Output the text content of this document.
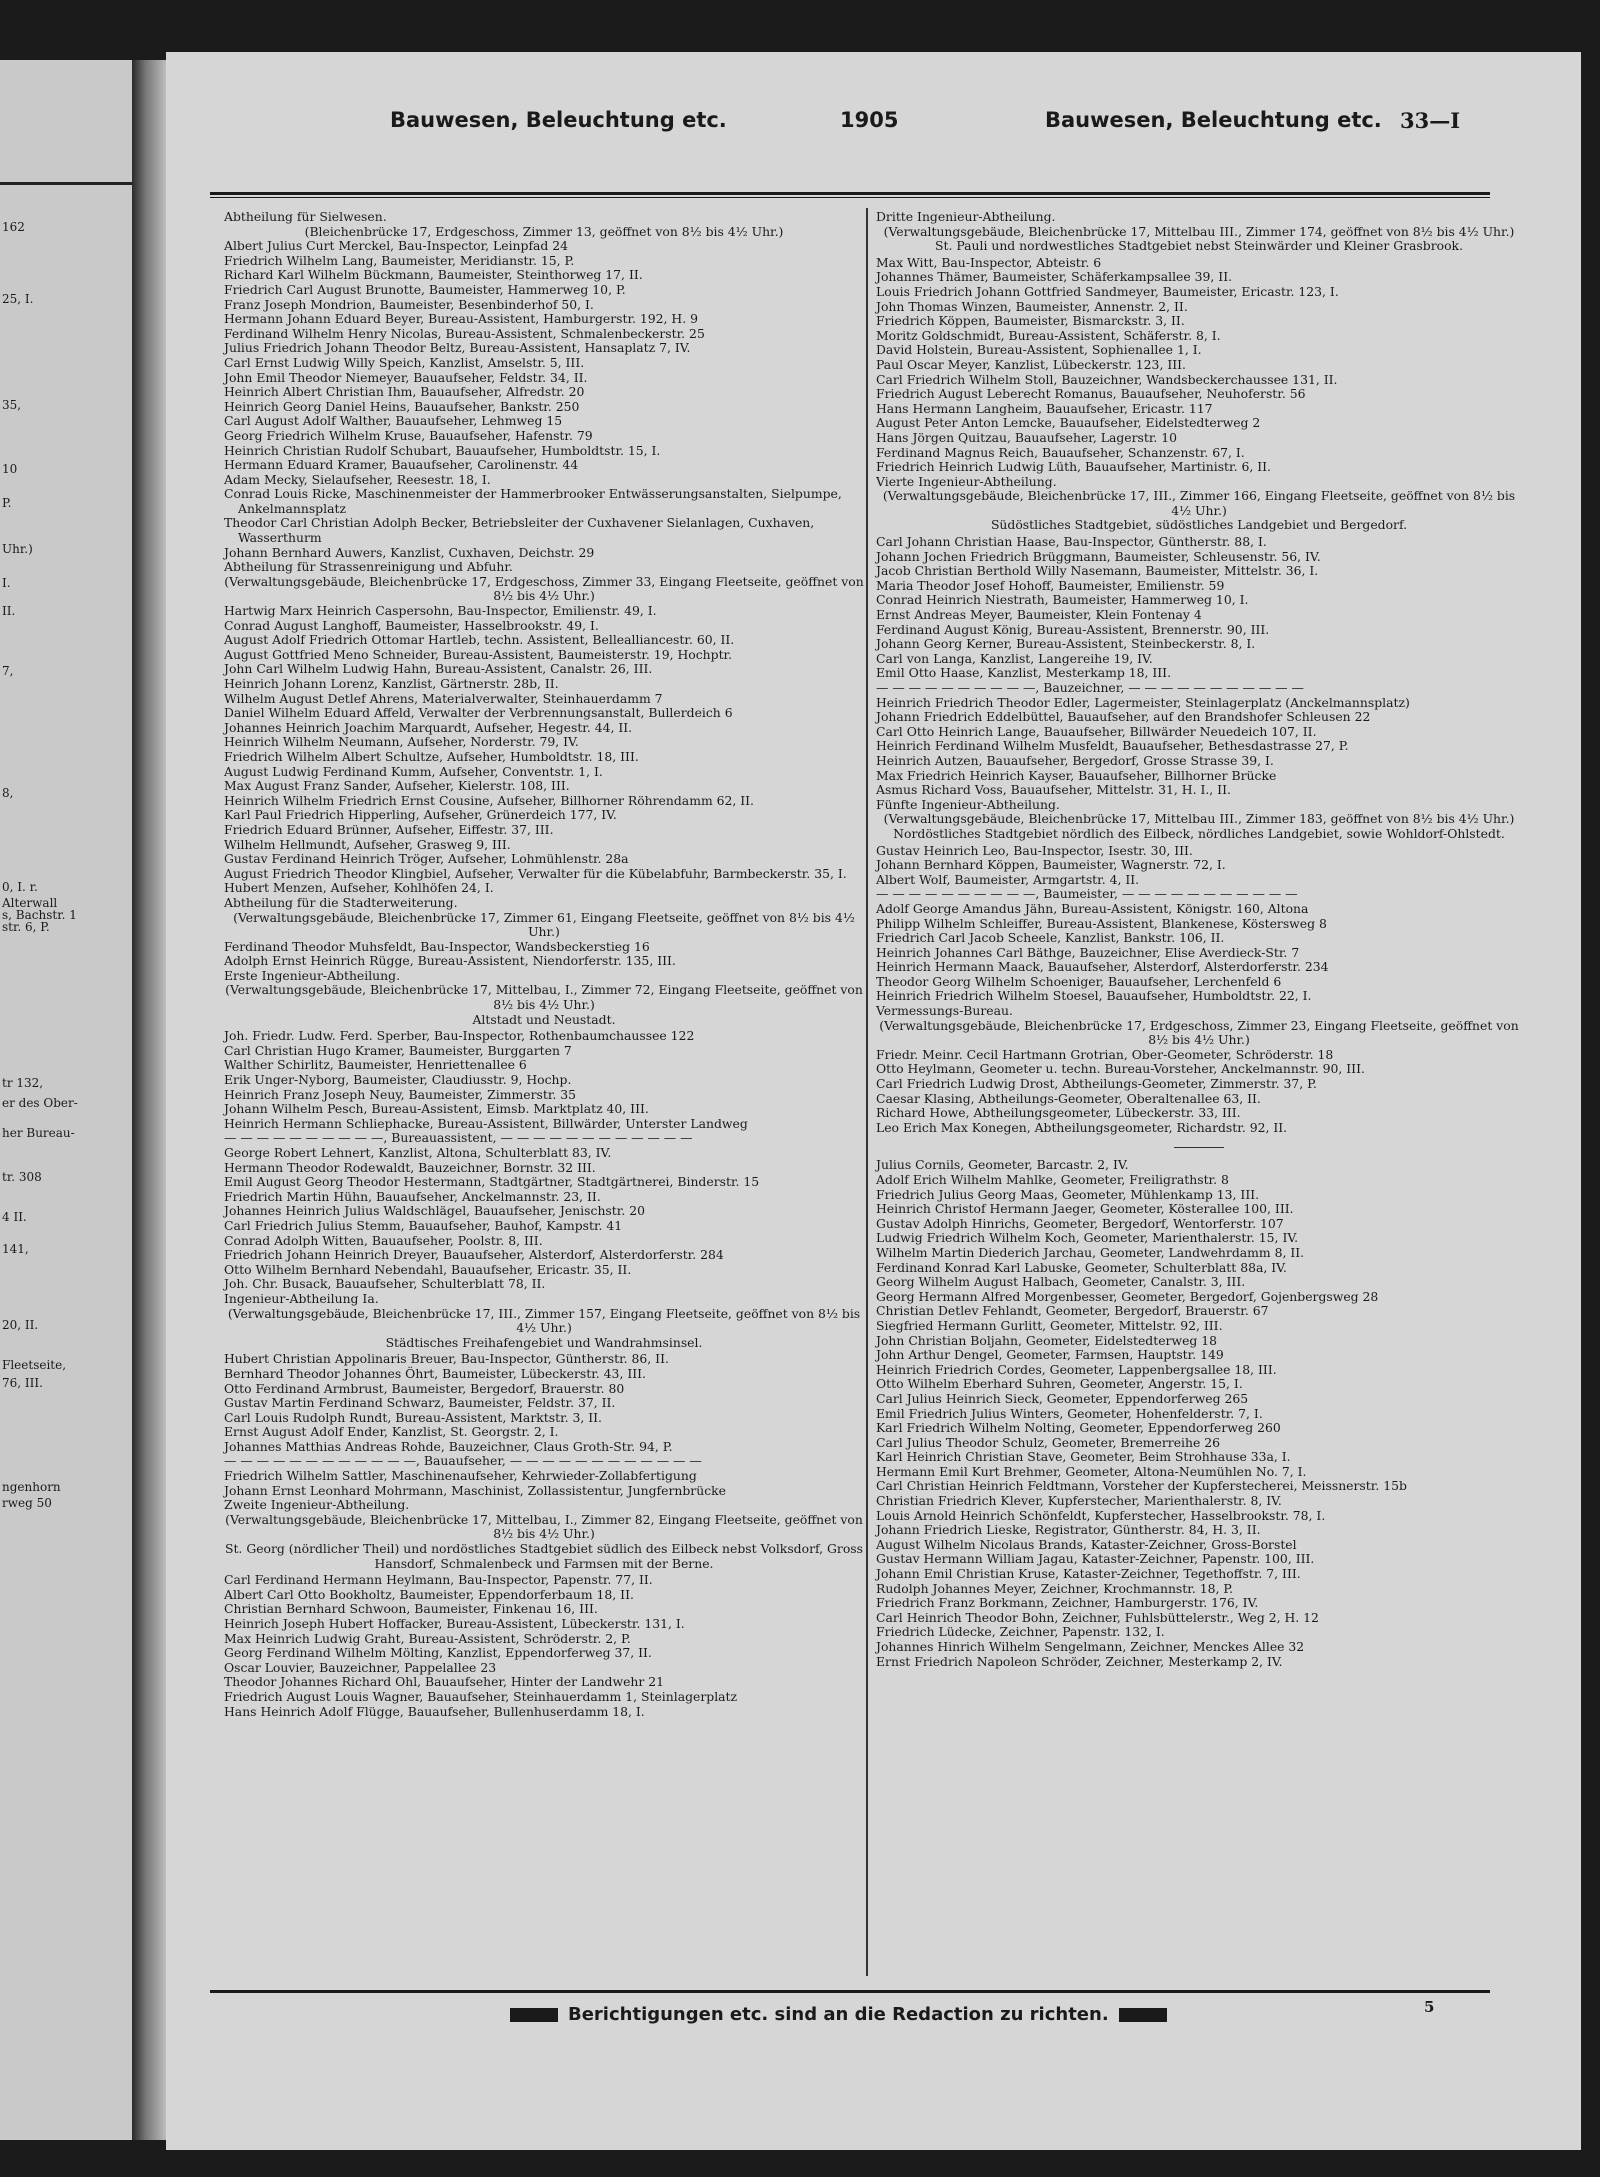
162
25, I.
35,
10
P.
Uhr.)
I.
II.
7,
8,
0, I. r.
Alterwall
s, Bachstr. 1
str. 6, P.
tr 132,
er des Ober-
her Bureau-
tr. 308
4 II.
141,
20, II.
Fleetseite,
76, III.
ngenhorn
rweg 50
Bauwesen, Beleuchtung etc.	1905	Bauwesen, Beleuchtung etc. 33—I
Abtheilung für Sielwesen.
(Bleichenbrücke 17, Erdgeschoss, Zimmer 13, geöffnet von 8½ bis 4½ Uhr.)
Albert Julius Curt Merckel, Bau-Inspector, Leinpfad 24
Friedrich Wilhelm Lang, Baumeister, Meridianstr. 15, P.
Richard Karl Wilhelm Bückmann, Baumeister, Steinthorweg 17, II.
Friedrich Carl August Brunotte, Baumeister, Hammerweg 10, P.
Franz Joseph Mondrion, Baumeister, Besenbinderhof 50, I.
Hermann Johann Eduard Beyer, Bureau-Assistent, Hamburgerstr. 192, H. 9
Ferdinand Wilhelm Henry Nicolas, Bureau-Assistent, Schmalenbeckerstr. 25
Julius Friedrich Johann Theodor Beltz, Bureau-Assistent, Hansaplatz 7, IV.
Carl Ernst Ludwig Willy Speich, Kanzlist, Amselstr. 5, III.
John Emil Theodor Niemeyer, Bauaufseher, Feldstr. 34, II.
Heinrich Albert Christian Ihm, Bauaufseher, Alfredstr. 20
Heinrich Georg Daniel Heins, Bauaufseher, Bankstr. 250
Carl August Adolf Walther, Bauaufseher, Lehmweg 15
Georg Friedrich Wilhelm Kruse, Bauaufseher, Hafenstr. 79
Heinrich Christian Rudolf Schubart, Bauaufseher, Humboldtstr. 15, I.
Hermann Eduard Kramer, Bauaufseher, Carolinenstr. 44
Adam Mecky, Sielaufseher, Reesestr. 18, I.
Conrad Louis Ricke, Maschinenmeister der Hammerbrooker Entwässerungsanstalten, Sielpumpe, Ankelmannsplatz
Theodor Carl Christian Adolph Becker, Betriebsleiter der Cuxhavener Sielanlagen, Cuxhaven, Wasserthurm
Johann Bernhard Auwers, Kanzlist, Cuxhaven, Deichstr. 29
Abtheilung für Strassenreinigung und Abfuhr.
(Verwaltungsgebäude, Bleichenbrücke 17, Erdgeschoss, Zimmer 33, Eingang Fleetseite, geöffnet von 8½ bis 4½ Uhr.)
Hartwig Marx Heinrich Caspersohn, Bau-Inspector, Emilienstr. 49, I.
Conrad August Langhoff, Baumeister, Hasselbrookstr. 49, I.
August Adolf Friedrich Ottomar Hartleb, techn. Assistent, Bellealliancestr. 60, II.
August Gottfried Meno Schneider, Bureau-Assistent, Baumeisterstr. 19, Hochptr.
John Carl Wilhelm Ludwig Hahn, Bureau-Assistent, Canalstr. 26, III.
Heinrich Johann Lorenz, Kanzlist, Gärtnerstr. 28b, II.
Wilhelm August Detlef Ahrens, Materialverwalter, Steinhauerdamm 7
Daniel Wilhelm Eduard Affeld, Verwalter der Verbrennungsanstalt, Bullerdeich 6
Johannes Heinrich Joachim Marquardt, Aufseher, Hegestr. 44, II.
Heinrich Wilhelm Neumann, Aufseher, Norderstr. 79, IV.
Friedrich Wilhelm Albert Schultze, Aufseher, Humboldtstr. 18, III.
August Ludwig Ferdinand Kumm, Aufseher, Conventstr. 1, I.
Max August Franz Sander, Aufseher, Kielerstr. 108, III.
Heinrich Wilhelm Friedrich Ernst Cousine, Aufseher, Billhorner Röhrendamm 62, II.
Karl Paul Friedrich Hipperling, Aufseher, Grünerdeich 177, IV.
Friedrich Eduard Brünner, Aufseher, Eiffestr. 37, III.
Wilhelm Hellmundt, Aufseher, Grasweg 9, III.
Gustav Ferdinand Heinrich Tröger, Aufseher, Lohmühlenstr. 28a
August Friedrich Theodor Klingbiel, Aufseher, Verwalter für die Kübelabfuhr, Barmbeckerstr. 35, I.
Hubert Menzen, Aufseher, Kohlhöfen 24, I.
Abtheilung für die Stadterweiterung.
(Verwaltungsgebäude, Bleichenbrücke 17, Zimmer 61, Eingang Fleetseite, geöffnet von 8½ bis 4½ Uhr.)
Ferdinand Theodor Muhsfeldt, Bau-Inspector, Wandsbeckerstieg 16
Adolph Ernst Heinrich Rügge, Bureau-Assistent, Niendorferstr. 135, III.
Erste Ingenieur-Abtheilung.
(Verwaltungsgebäude, Bleichenbrücke 17, Mittelbau, I., Zimmer 72, Eingang Fleetseite, geöffnet von 8½ bis 4½ Uhr.)
Altstadt und Neustadt.
Joh. Friedr. Ludw. Ferd. Sperber, Bau-Inspector, Rothenbaumchaussee 122
Carl Christian Hugo Kramer, Baumeister, Burggarten 7
Walther Schirlitz, Baumeister, Henriettenallee 6
Erik Unger-Nyborg, Baumeister, Claudiusstr. 9, Hochp.
Heinrich Franz Joseph Neuy, Baumeister, Zimmerstr. 35
Johann Wilhelm Pesch, Bureau-Assistent, Eimsb. Marktplatz 40, III.
Heinrich Hermann Schliephacke, Bureau-Assistent, Billwärder, Unterster Landweg
— — — — — — — — — —, Bureauassistent, — — — — — — — — — — — —
George Robert Lehnert, Kanzlist, Altona, Schulterblatt 83, IV.
Hermann Theodor Rodewaldt, Bauzeichner, Bornstr. 32 III.
Emil August Georg Theodor Hestermann, Stadtgärtner, Stadtgärtnerei, Binderstr. 15
Friedrich Martin Hühn, Bauaufseher, Anckelmannstr. 23, II.
Johannes Heinrich Julius Waldschlägel, Bauaufseher, Jenischstr. 20
Carl Friedrich Julius Stemm, Bauaufseher, Bauhof, Kampstr. 41
Conrad Adolph Witten, Bauaufseher, Poolstr. 8, III.
Friedrich Johann Heinrich Dreyer, Bauaufseher, Alsterdorf, Alsterdorferstr. 284
Otto Wilhelm Bernhard Nebendahl, Bauaufseher, Ericastr. 35, II.
Joh. Chr. Busack, Bauaufseher, Schulterblatt 78, II.
Ingenieur-Abtheilung Ia.
(Verwaltungsgebäude, Bleichenbrücke 17, III., Zimmer 157, Eingang Fleetseite, geöffnet von 8½ bis 4½ Uhr.)
Städtisches Freihafengebiet und Wandrahmsinsel.
Hubert Christian Appolinaris Breuer, Bau-Inspector, Güntherstr. 86, II.
Bernhard Theodor Johannes Öhrt, Baumeister, Lübeckerstr. 43, III.
Otto Ferdinand Armbrust, Baumeister, Bergedorf, Brauerstr. 80
Gustav Martin Ferdinand Schwarz, Baumeister, Feldstr. 37, II.
Carl Louis Rudolph Rundt, Bureau-Assistent, Marktstr. 3, II.
Ernst August Adolf Ender, Kanzlist, St. Georgstr. 2, I.
Johannes Matthias Andreas Rohde, Bauzeichner, Claus Groth-Str. 94, P.
— — — — — — — — — — — —, Bauaufseher, — — — — — — — — — — — —
Friedrich Wilhelm Sattler, Maschinenaufseher, Kehrwieder-Zollabfertigung
Johann Ernst Leonhard Mohrmann, Maschinist, Zollassistentur, Jungfernbrücke
Zweite Ingenieur-Abtheilung.
(Verwaltungsgebäude, Bleichenbrücke 17, Mittelbau, I., Zimmer 82, Eingang Fleetseite, geöffnet von 8½ bis 4½ Uhr.)
St. Georg (nördlicher Theil) und nordöstliches Stadtgebiet südlich des Eilbeck nebst Volksdorf, Gross Hansdorf, Schmalenbeck und Farmsen mit der Berne.
Carl Ferdinand Hermann Heylmann, Bau-Inspector, Papenstr. 77, II.
Albert Carl Otto Bookholtz, Baumeister, Eppendorferbaum 18, II.
Christian Bernhard Schwoon, Baumeister, Finkenau 16, III.
Heinrich Joseph Hubert Hoffacker, Bureau-Assistent, Lübeckerstr. 131, I.
Max Heinrich Ludwig Graht, Bureau-Assistent, Schröderstr. 2, P.
Georg Ferdinand Wilhelm Mölting, Kanzlist, Eppendorferweg 37, II.
Oscar Louvier, Bauzeichner, Pappelallee 23
Theodor Johannes Richard Ohl, Bauaufseher, Hinter der Landwehr 21
Friedrich August Louis Wagner, Bauaufseher, Steinhauerdamm 1, Steinlagerplatz
Hans Heinrich Adolf Flügge, Bauaufseher, Bullenhuserdamm 18, I.
Dritte Ingenieur-Abtheilung.
(Verwaltungsgebäude, Bleichenbrücke 17, Mittelbau III., Zimmer 174, geöffnet von 8½ bis 4½ Uhr.)
St. Pauli und nordwestliches Stadtgebiet nebst Steinwärder und Kleiner Grasbrook.
Max Witt, Bau-Inspector, Abteistr. 6
Johannes Thämer, Baumeister, Schäferkampsallee 39, II.
Louis Friedrich Johann Gottfried Sandmeyer, Baumeister, Ericastr. 123, I.
John Thomas Winzen, Baumeister, Annenstr. 2, II.
Friedrich Köppen, Baumeister, Bismarckstr. 3, II.
Moritz Goldschmidt, Bureau-Assistent, Schäferstr. 8, I.
David Holstein, Bureau-Assistent, Sophienallee 1, I.
Paul Oscar Meyer, Kanzlist, Lübeckerstr. 123, III.
Carl Friedrich Wilhelm Stoll, Bauzeichner, Wandsbeckerchaussee 131, II.
Friedrich August Leberecht Romanus, Bauaufseher, Neuhoferstr. 56
Hans Hermann Langheim, Bauaufseher, Ericastr. 117
August Peter Anton Lemcke, Bauaufseher, Eidelstedterweg 2
Hans Jörgen Quitzau, Bauaufseher, Lagerstr. 10
Ferdinand Magnus Reich, Bauaufseher, Schanzenstr. 67, I.
Friedrich Heinrich Ludwig Lüth, Bauaufseher, Martinistr. 6, II.
Vierte Ingenieur-Abtheilung.
(Verwaltungsgebäude, Bleichenbrücke 17, III., Zimmer 166, Eingang Fleetseite, geöffnet von 8½ bis 4½ Uhr.)
Südöstliches Stadtgebiet, südöstliches Landgebiet und Bergedorf.
Carl Johann Christian Haase, Bau-Inspector, Güntherstr. 88, I.
Johann Jochen Friedrich Brüggmann, Baumeister, Schleusenstr. 56, IV.
Jacob Christian Berthold Willy Nasemann, Baumeister, Mittelstr. 36, I.
Maria Theodor Josef Hohoff, Baumeister, Emilienstr. 59
Conrad Heinrich Niestrath, Baumeister, Hammerweg 10, I.
Ernst Andreas Meyer, Baumeister, Klein Fontenay 4
Ferdinand August König, Bureau-Assistent, Brennerstr. 90, III.
Johann Georg Kerner, Bureau-Assistent, Steinbeckerstr. 8, I.
Carl von Langa, Kanzlist, Langereihe 19, IV.
Emil Otto Haase, Kanzlist, Mesterkamp 18, III.
— — — — — — — — — —, Bauzeichner, — — — — — — — — — — —
Heinrich Friedrich Theodor Edler, Lagermeister, Steinlagerplatz (Anckelmannsplatz)
Johann Friedrich Eddelbüttel, Bauaufseher, auf den Brandshofer Schleusen 22
Carl Otto Heinrich Lange, Bauaufseher, Billwärder Neuedeich 107, II.
Heinrich Ferdinand Wilhelm Musfeldt, Bauaufseher, Bethesdastrasse 27, P.
Heinrich Autzen, Bauaufseher, Bergedorf, Grosse Strasse 39, I.
Max Friedrich Heinrich Kayser, Bauaufseher, Billhorner Brücke
Asmus Richard Voss, Bauaufseher, Mittelstr. 31, H. I., II.
Fünfte Ingenieur-Abtheilung.
(Verwaltungsgebäude, Bleichenbrücke 17, Mittelbau III., Zimmer 183, geöffnet von 8½ bis 4½ Uhr.)
Nordöstliches Stadtgebiet nördlich des Eilbeck, nördliches Landgebiet, sowie Wohldorf-Ohlstedt.
Gustav Heinrich Leo, Bau-Inspector, Isestr. 30, III.
Johann Bernhard Köppen, Baumeister, Wagnerstr. 72, I.
Albert Wolf, Baumeister, Armgartstr. 4, II.
— — — — — — — — — —, Baumeister, — — — — — — — — — — —
Adolf George Amandus Jähn, Bureau-Assistent, Königstr. 160, Altona
Philipp Wilhelm Schleiffer, Bureau-Assistent, Blankenese, Köstersweg 8
Friedrich Carl Jacob Scheele, Kanzlist, Bankstr. 106, II.
Heinrich Johannes Carl Bäthge, Bauzeichner, Elise Averdieck-Str. 7
Heinrich Hermann Maack, Bauaufseher, Alsterdorf, Alsterdorferstr. 234
Theodor Georg Wilhelm Schoeniger, Bauaufseher, Lerchenfeld 6
Heinrich Friedrich Wilhelm Stoesel, Bauaufseher, Humboldtstr. 22, I.
Vermessungs-Bureau.
(Verwaltungsgebäude, Bleichenbrücke 17, Erdgeschoss, Zimmer 23, Eingang Fleetseite, geöffnet von 8½ bis 4½ Uhr.)
Friedr. Meinr. Cecil Hartmann Grotrian, Ober-Geometer, Schröderstr. 18
Otto Heylmann, Geometer u. techn. Bureau-Vorsteher, Anckelmannstr. 90, III.
Carl Friedrich Ludwig Drost, Abtheilungs-Geometer, Zimmerstr. 37, P.
Caesar Klasing, Abtheilungs-Geometer, Oberaltenallee 63, II.
Richard Howe, Abtheilungsgeometer, Lübeckerstr. 33, III.
Leo Erich Max Konegen, Abtheilungsgeometer, Richardstr. 92, II.
Julius Cornils, Geometer, Barcastr. 2, IV.
Adolf Erich Wilhelm Mahlke, Geometer, Freiligrathstr. 8
Friedrich Julius Georg Maas, Geometer, Mühlenkamp 13, III.
Heinrich Christof Hermann Jaeger, Geometer, Kösterallee 100, III.
Gustav Adolph Hinrichs, Geometer, Bergedorf, Wentorferstr. 107
Ludwig Friedrich Wilhelm Koch, Geometer, Marienthalerstr. 15, IV.
Wilhelm Martin Diederich Jarchau, Geometer, Landwehrdamm 8, II.
Ferdinand Konrad Karl Labuske, Geometer, Schulterblatt 88a, IV.
Georg Wilhelm August Halbach, Geometer, Canalstr. 3, III.
Georg Hermann Alfred Morgenbesser, Geometer, Bergedorf, Gojenbergsweg 28
Christian Detlev Fehlandt, Geometer, Bergedorf, Brauerstr. 67
Siegfried Hermann Gurlitt, Geometer, Mittelstr. 92, III.
John Christian Boljahn, Geometer, Eidelstedterweg 18
John Arthur Dengel, Geometer, Farmsen, Hauptstr. 149
Heinrich Friedrich Cordes, Geometer, Lappenbergsallee 18, III.
Otto Wilhelm Eberhard Suhren, Geometer, Angerstr. 15, I.
Carl Julius Heinrich Sieck, Geometer, Eppendorferweg 265
Emil Friedrich Julius Winters, Geometer, Hohenfelderstr. 7, I.
Karl Friedrich Wilhelm Nolting, Geometer, Eppendorferweg 260
Carl Julius Theodor Schulz, Geometer, Bremerreihe 26
Karl Heinrich Christian Stave, Geometer, Beim Strohhause 33a, I.
Hermann Emil Kurt Brehmer, Geometer, Altona-Neumühlen No. 7, I.
Carl Christian Heinrich Feldtmann, Vorsteher der Kupferstecherei, Meissnerstr. 15b
Christian Friedrich Klever, Kupferstecher, Marienthalerstr. 8, IV.
Louis Arnold Heinrich Schönfeldt, Kupferstecher, Hasselbrookstr. 78, I.
Johann Friedrich Lieske, Registrator, Güntherstr. 84, H. 3, II.
August Wilhelm Nicolaus Brands, Kataster-Zeichner, Gross-Borstel
Gustav Hermann William Jagau, Kataster-Zeichner, Papenstr. 100, III.
Johann Emil Christian Kruse, Kataster-Zeichner, Tegethoffstr. 7, III.
Rudolph Johannes Meyer, Zeichner, Krochmannstr. 18, P.
Friedrich Franz Borkmann, Zeichner, Hamburgerstr. 176, IV.
Carl Heinrich Theodor Bohn, Zeichner, Fuhlsbüttelerstr., Weg 2, H. 12
Friedrich Lüdecke, Zeichner, Papenstr. 132, I.
Johannes Hinrich Wilhelm Sengelmann, Zeichner, Menckes Allee 32
Ernst Friedrich Napoleon Schröder, Zeichner, Mesterkamp 2, IV.
Berichtigungen etc. sind an die Redaction zu richten.	5
